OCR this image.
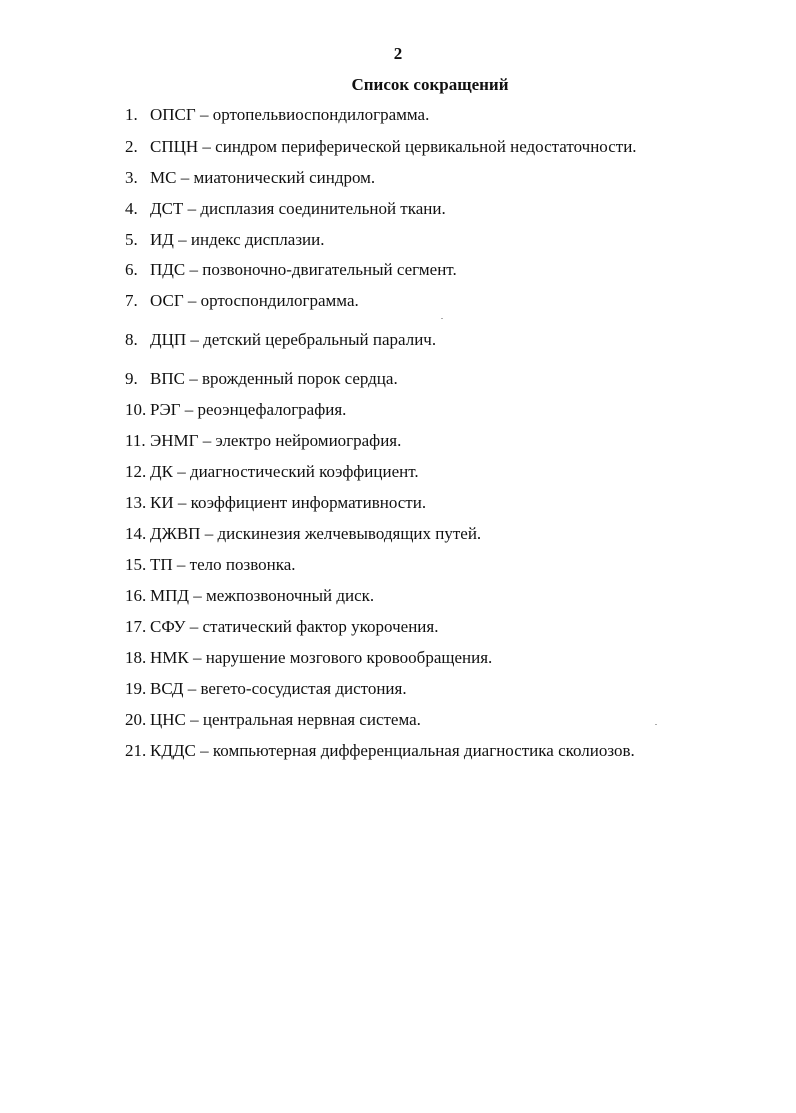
2
Список сокращений
1. ОПСГ – ортопельвиоспондилограмма.
2. СПЦН – синдром периферической цервикальной недостаточности.
3. МС – миатонический синдром.
4. ДСТ – дисплазия соединительной ткани.
5. ИД – индекс дисплазии.
6. ПДС – позвоночно-двигательный сегмент.
7. ОСГ – ортоспондилограмма.
8. ДЦП – детский церебральный паралич.
9. ВПС – врожденный порок сердца.
10. РЭГ – реоэнцефалография.
11. ЭНМГ – электро нейромиография.
12. ДК – диагностический коэффициент.
13. КИ – коэффициент информативности.
14. ДЖВП – дискинезия желчевыводящих путей.
15. ТП – тело позвонка.
16. МПД – межпозвоночный диск.
17. СФУ – статический фактор укорочения.
18. НМК – нарушение мозгового кровообращения.
19. ВСД – вегето-сосудистая дистония.
20. ЦНС – центральная нервная система.
21. КДДС – компьютерная дифференциальная диагностика сколиозов.
